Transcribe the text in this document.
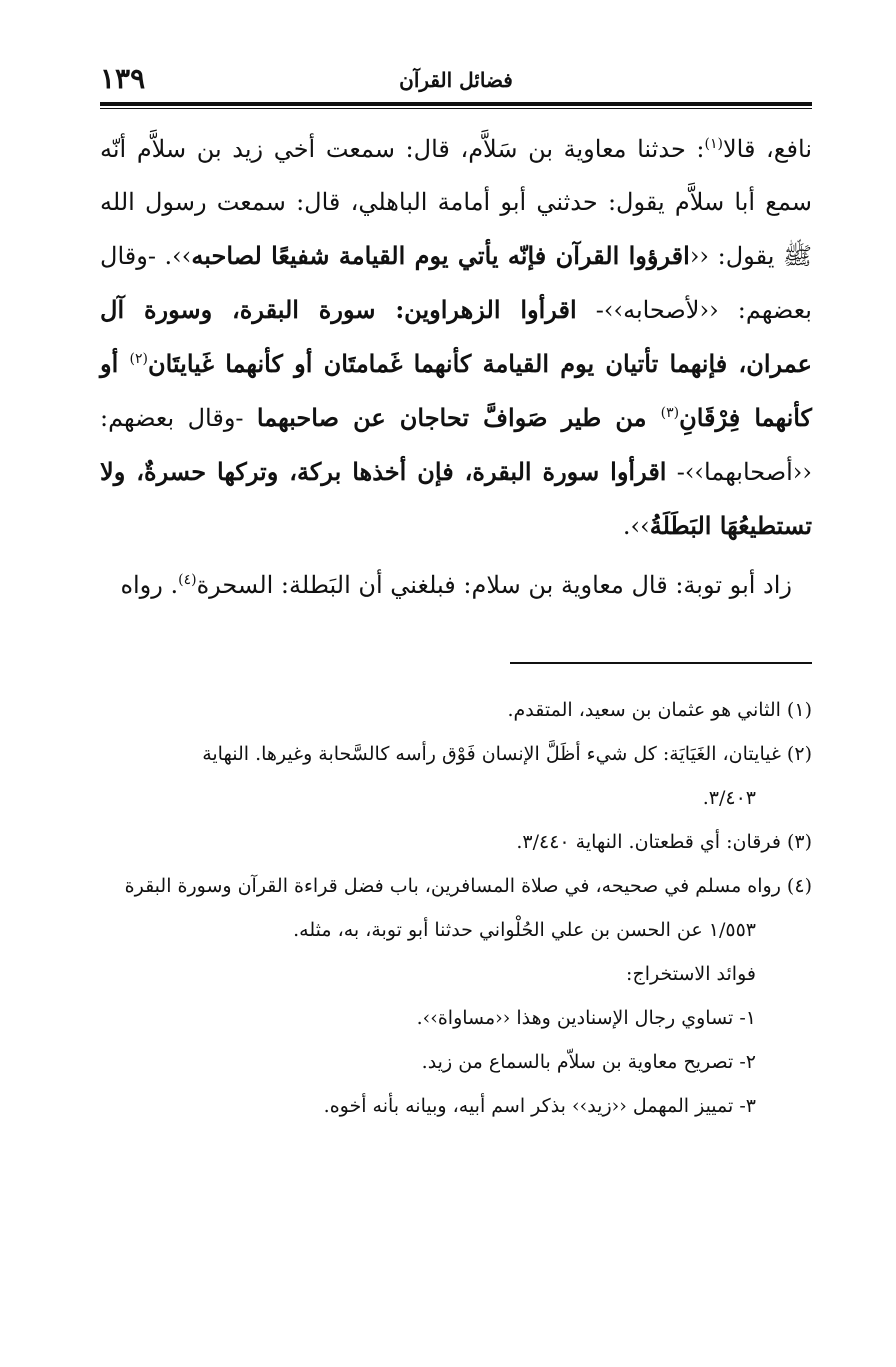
فضائل القرآن
١٣٩

نافع، قالا$^{(١)}$: حدثنا معاوية بن سَلاَّم، قال: سمعت أخي زيد بن سلاَّم أنّه سمع أبا سلاَّم يقول: حدثني أبو أمامة الباهلي، قال: سمعت رسول الله ﷺ يقول: ‹‹اقرؤوا القرآن فإنّه يأتي يوم القيامة شفيعًا لصاحبه››. -وقال بعضهم: ‹‹لأصحابه››- اقرأوا الزهراوين: سورة البقرة، وسورة آل عمران، فإنهما تأتيان يوم القيامة كأنهما غَمامتَان أو كأنهما غَيايتَان$^{(٢)}$ أو كأنهما فِرْقَانِ$^{(٣)}$ من طير صَوافَّ تحاجان عن صاحبهما -وقال بعضهم: ‹‹أصحابهما››- اقرأوا سورة البقرة، فإن أخذها بركة، وتركها حسرةٌ، ولا تستطيعُهَا البَطَلَةُ››.

زاد أبو توبة: قال معاوية بن سلام: فبلغني أن البَطلة: السحرة$^{(٤)}$. رواه

(١) الثاني هو عثمان بن سعيد، المتقدم.

(٢) غيايتان، الغَيَايَة: كل شيء أظَلَّ الإنسان فَوْق رأسه كالسَّحابة وغيرها. النهاية
٣/٤٠٣.

(٣) فرقان: أي قطعتان. النهاية ٣/٤٤٠.

(٤) رواه مسلم في صحيحه، في صلاة المسافرين، باب فضل قراءة القرآن وسورة البقرة
١/٥٥٣ عن الحسن بن علي الحُلْواني حدثنا أبو توبة، به، مثله.

فوائد الاستخراج:

١- تساوي رجال الإسنادين وهذا ‹‹مساواة››.

٢- تصريح معاوية بن سلاّم بالسماع من زيد.

٣- تمييز المهمل ‹‹زيد›› بذكر اسم أبيه، وبيانه بأنه أخوه.
